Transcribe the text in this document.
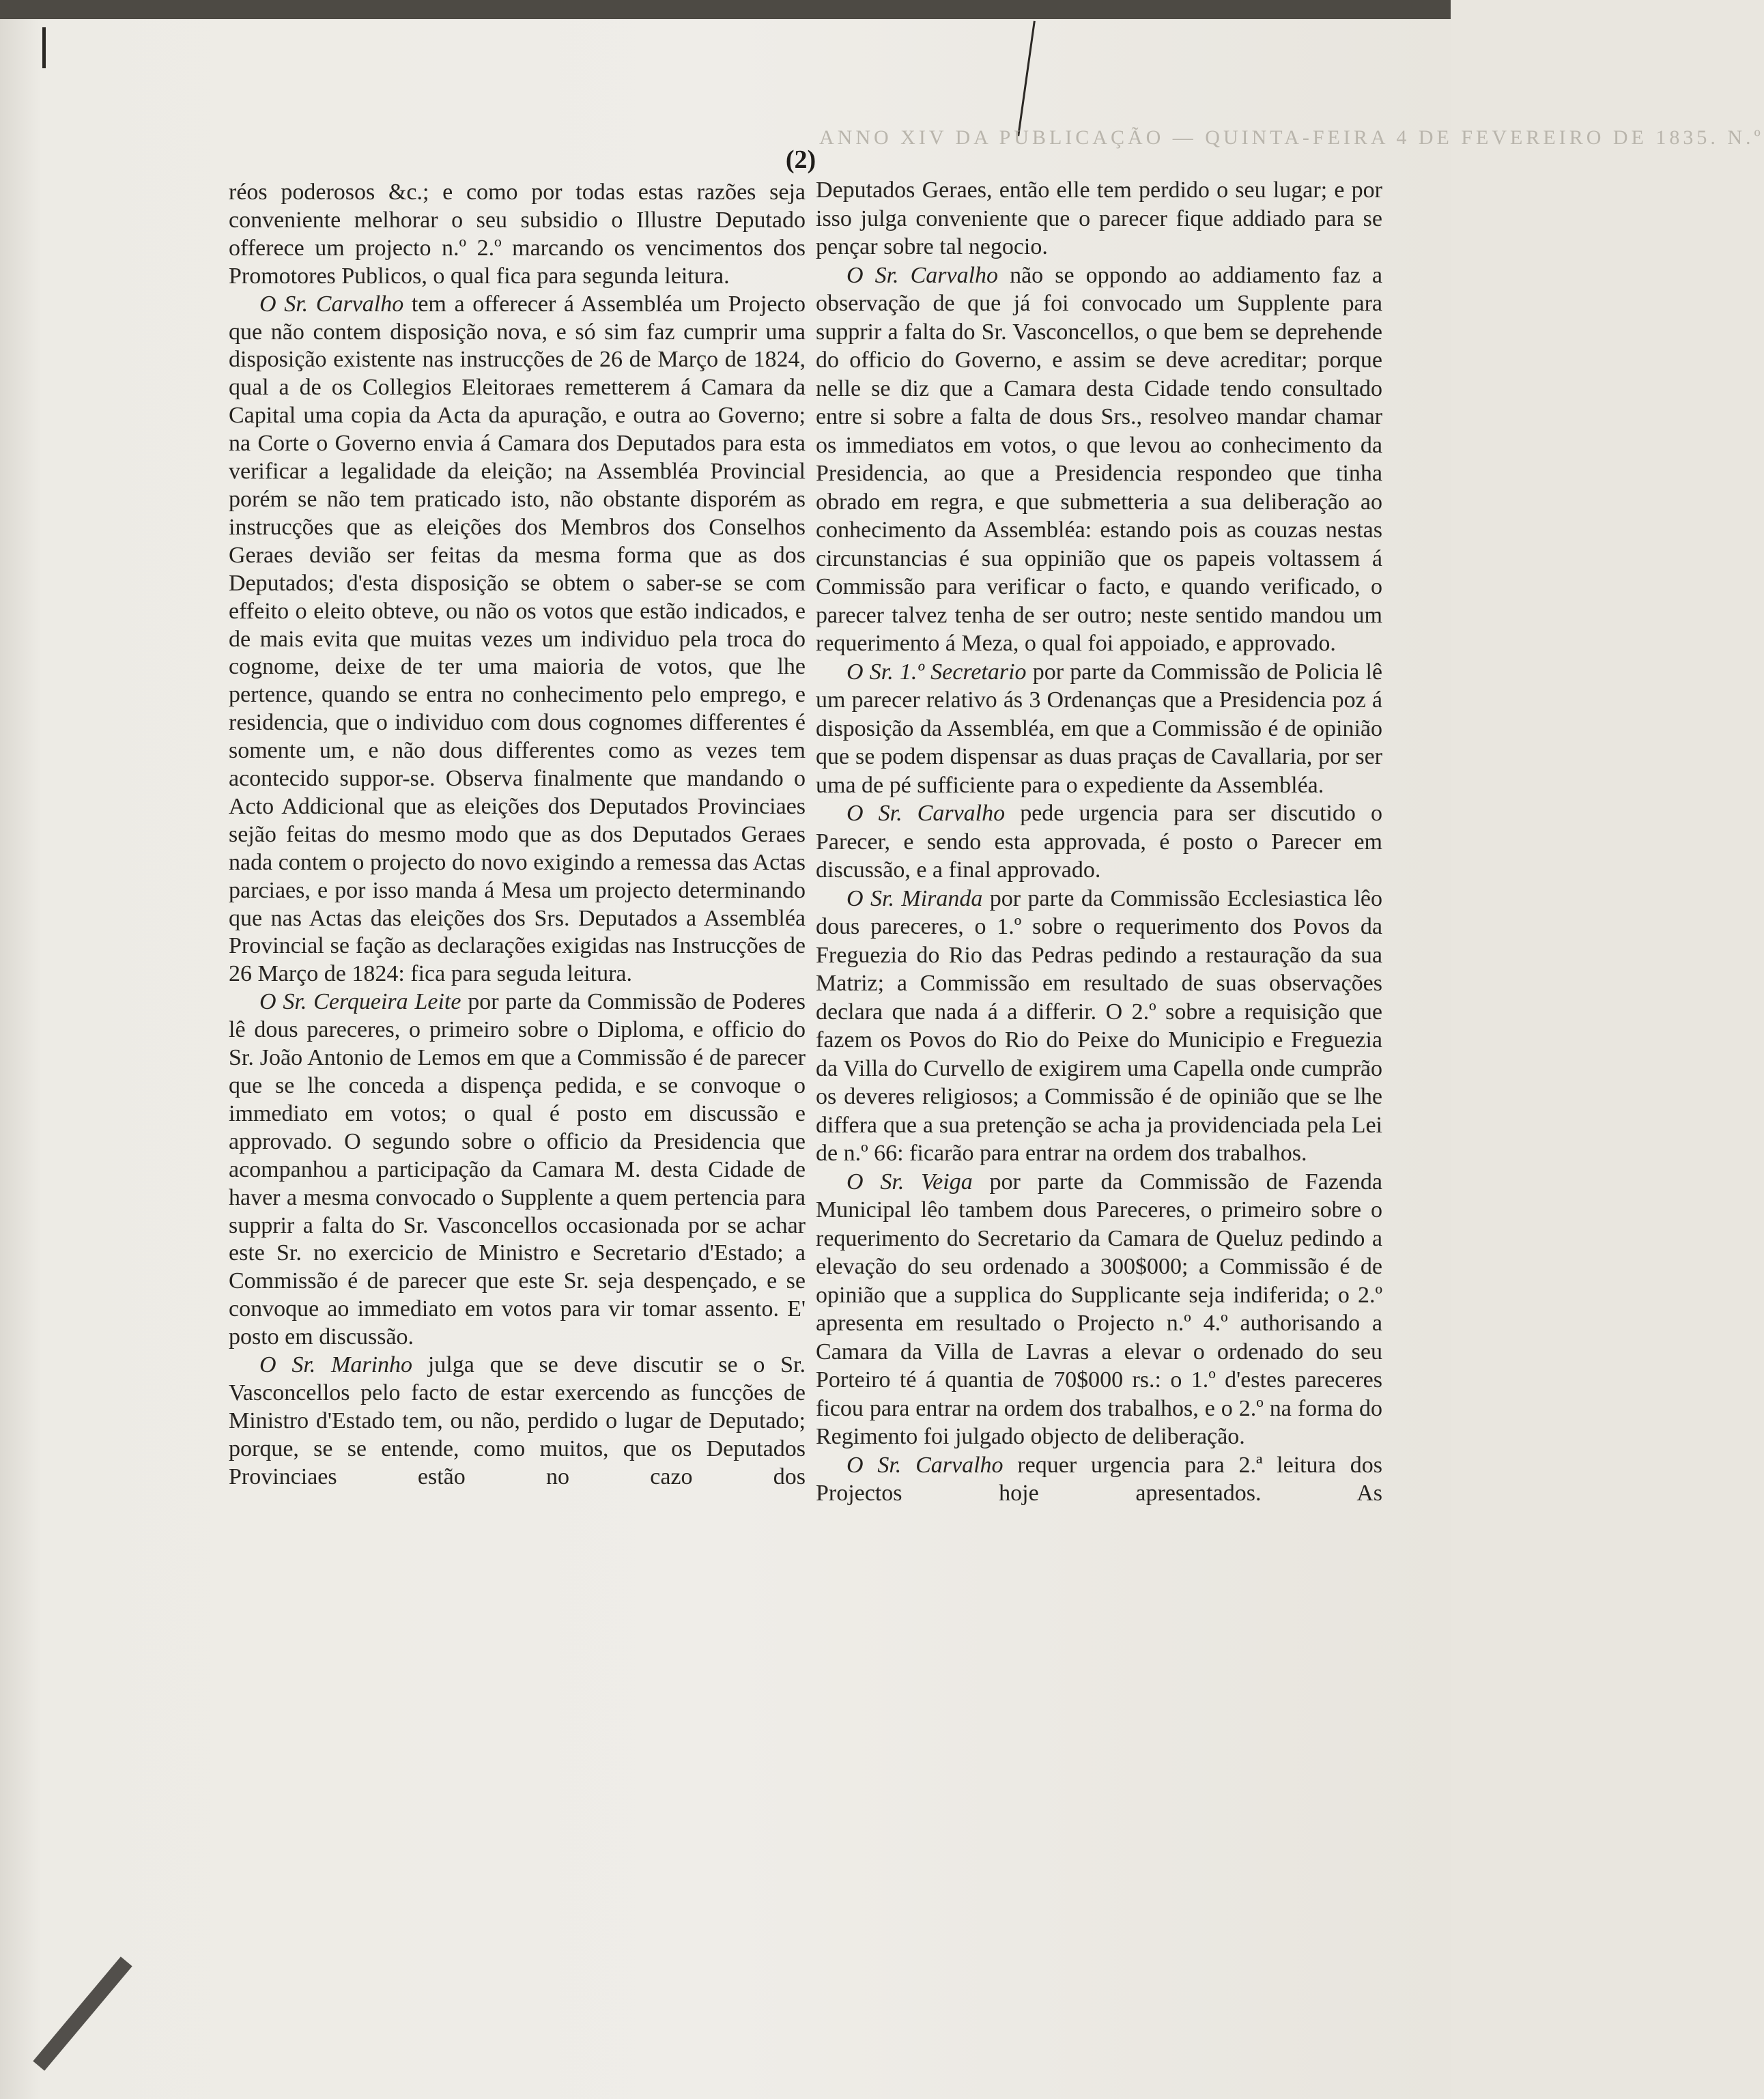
ANNO XIV DA PUBLICAÇÃO — QUINTA-FEIRA 4 DE FEVEREIRO DE 1835. N.º
(2)

réos poderosos &c.; e como por todas estas razões seja conveniente melhorar o seu subsidio o Illustre Deputado offerece um projecto n.º 2.º marcando os vencimentos dos Promotores Publicos, o qual fica para segunda leitura.

O Sr. Carvalho tem a offerecer á Assembléa um Projecto que não contem disposição nova, e só sim faz cumprir uma disposição existente nas instrucções de 26 de Março de 1824, qual a de os Collegios Eleitoraes remetterem á Camara da Capital uma copia da Acta da apuração, e outra ao Governo; na Corte o Governo envia á Camara dos Deputados para esta verificar a legalidade da eleição; na Assembléa Provincial porém se não tem praticado isto, não obstante disporém as instrucções que as eleições dos Membros dos Conselhos Geraes devião ser feitas da mesma forma que as dos Deputados; d'esta disposição se obtem o saber-se se com effeito o eleito obteve, ou não os votos que estão indicados, e de mais evita que muitas vezes um individuo pela troca do cognome, deixe de ter uma maioria de votos, que lhe pertence, quando se entra no conhecimento pelo emprego, e residencia, que o individuo com dous cognomes differentes é somente um, e não dous differentes como as vezes tem acontecido suppor-se. Observa finalmente que mandando o Acto Addicional que as eleições dos Deputados Provinciaes sejão feitas do mesmo modo que as dos Deputados Geraes nada contem o projecto do novo exigindo a remessa das Actas parciaes, e por isso manda á Mesa um projecto determinando que nas Actas das eleições dos Srs. Deputados a Assembléa Provincial se fação as declarações exigidas nas Instrucções de 26 Março de 1824: fica para seguda leitura.

O Sr. Cerqueira Leite por parte da Commissão de Poderes lê dous pareceres, o primeiro sobre o Diploma, e officio do Sr. João Antonio de Lemos em que a Commissão é de parecer que se lhe conceda a dispença pedida, e se convoque o immediato em votos; o qual é posto em discussão e approvado. O segundo sobre o officio da Presidencia que acompanhou a participação da Camara M. desta Cidade de haver a mesma convocado o Supplente a quem pertencia para supprir a falta do Sr. Vasconcellos occasionada por se achar este Sr. no exercicio de Ministro e Secretario d'Estado; a Commissão é de parecer que este Sr. seja despençado, e se convoque ao immediato em votos para vir tomar assento. E' posto em discussão.

O Sr. Marinho julga que se deve discutir se o Sr. Vasconcellos pelo facto de estar exercendo as funcções de Ministro d'Estado tem, ou não, perdido o lugar de Deputado; porque, se se entende, como muitos, que os Deputados Provinciaes estão no cazo dos

Deputados Geraes, então elle tem perdido o seu lugar; e por isso julga conveniente que o parecer fique addiado para se pençar sobre tal negocio.

O Sr. Carvalho não se oppondo ao addiamento faz a observação de que já foi convocado um Supplente para supprir a falta do Sr. Vasconcellos, o que bem se deprehende do officio do Governo, e assim se deve acreditar; porque nelle se diz que a Camara desta Cidade tendo consultado entre si sobre a falta de dous Srs., resolveo mandar chamar os immediatos em votos, o que levou ao conhecimento da Presidencia, ao que a Presidencia respondeo que tinha obrado em regra, e que submetteria a sua deliberação ao conhecimento da Assembléa: estando pois as couzas nestas circunstancias é sua oppinião que os papeis voltassem á Commissão para verificar o facto, e quando verificado, o parecer talvez tenha de ser outro; neste sentido mandou um requerimento á Meza, o qual foi appoiado, e approvado.

O Sr. 1.º Secretario por parte da Commissão de Policia lê um parecer relativo ás 3 Ordenanças que a Presidencia poz á disposição da Assembléa, em que a Commissão é de opinião que se podem dispensar as duas praças de Cavallaria, por ser uma de pé sufficiente para o expediente da Assembléa.

O Sr. Carvalho pede urgencia para ser discutido o Parecer, e sendo esta approvada, é posto o Parecer em discussão, e a final approvado.

O Sr. Miranda por parte da Commissão Ecclesiastica lêo dous pareceres, o 1.º sobre o requerimento dos Povos da Freguezia do Rio das Pedras pedindo a restauração da sua Matriz; a Commissão em resultado de suas observações declara que nada á a differir. O 2.º sobre a requisição que fazem os Povos do Rio do Peixe do Municipio e Freguezia da Villa do Curvello de exigirem uma Capella onde cumprão os deveres religiosos; a Commissão é de opinião que se lhe differa que a sua pretenção se acha ja providenciada pela Lei de n.º 66: ficarão para entrar na ordem dos trabalhos.

O Sr. Veiga por parte da Commissão de Fazenda Municipal lêo tambem dous Pareceres, o primeiro sobre o requerimento do Secretario da Camara de Queluz pedindo a elevação do seu ordenado a 300$000; a Commissão é de opinião que a supplica do Supplicante seja indiferida; o 2.º apresenta em resultado o Projecto n.º 4.º authorisando a Camara da Villa de Lavras a elevar o ordenado do seu Porteiro té á quantia de 70$000 rs.: o 1.º d'estes pareceres ficou para entrar na ordem dos trabalhos, e o 2.º na forma do Regimento foi julgado objecto de deliberação.

O Sr. Carvalho requer urgencia para 2.ª leitura dos Projectos hoje apresentados. As
